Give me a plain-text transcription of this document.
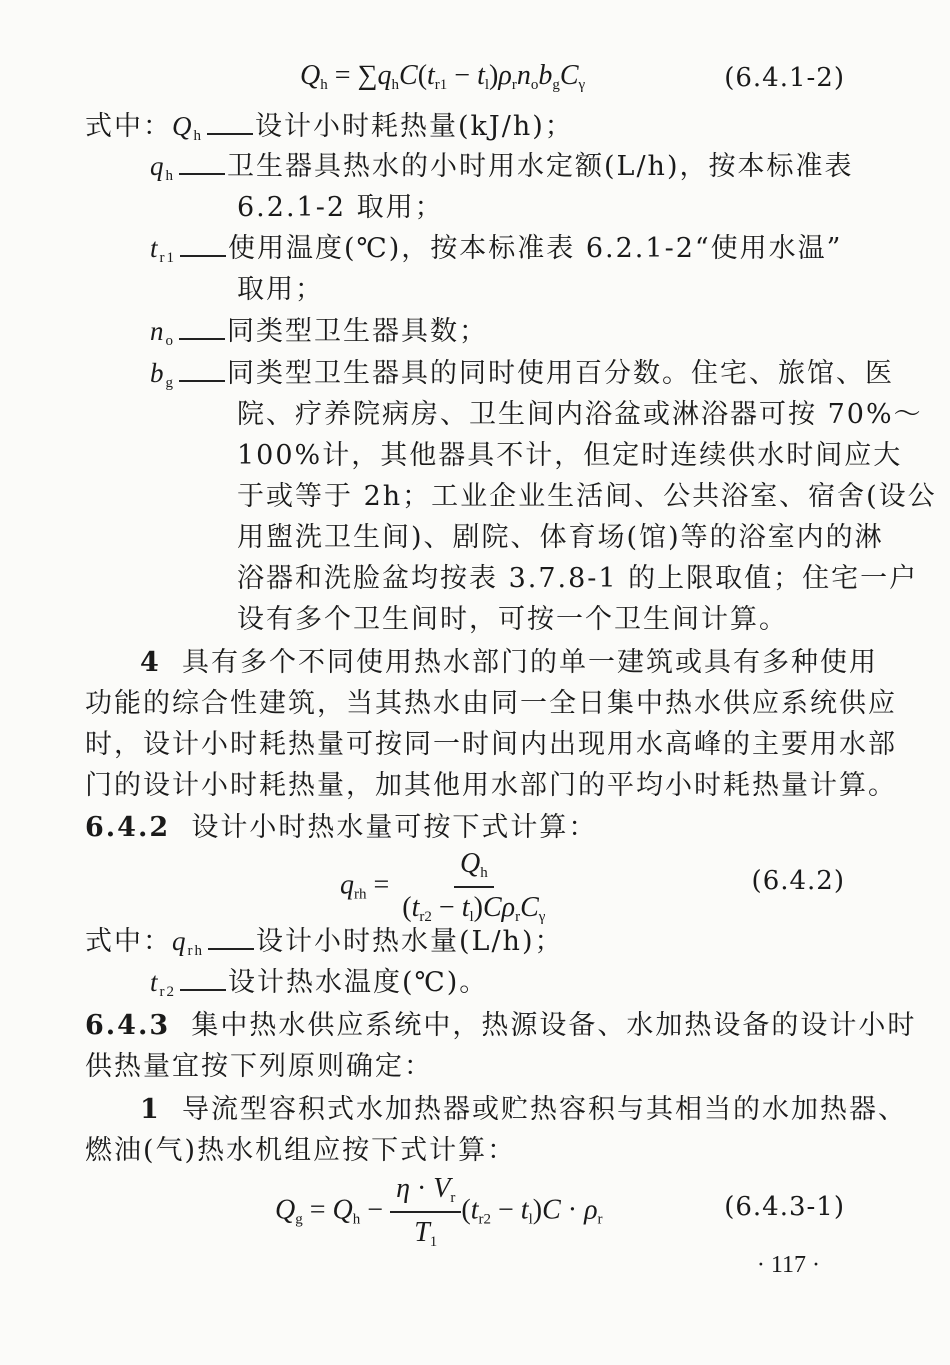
$Q_h = \sum q_hC(t_{r1} - t_l)\rho_rn_ob_gC_\gamma$	(6.4.1-2)
式中： $Q_h$ 设计小时耗热量(kJ/h)；
$q_h$ 卫生器具热水的小时用水定额(L/h)，按本标准表
6.2.1-2 取用；
$t_{r1}$ 使用温度(℃)，按本标准表 6.2.1-2“使用水温”
取用；
$n_o$ 同类型卫生器具数；
$b_g$ 同类型卫生器具的同时使用百分数。住宅、旅馆、医
院、疗养院病房、卫生间内浴盆或淋浴器可按 70%～
100%计，其他器具不计，但定时连续供水时间应大
于或等于 2h；工业企业生活间、公共浴室、宿舍(设公
用盥洗卫生间)、剧院、体育场(馆)等的浴室内的淋
浴器和洗脸盆均按表 3.7.8-1 的上限取值；住宅一户
设有多个卫生间时，可按一个卫生间计算。
4 具有多个不同使用热水部门的单一建筑或具有多种使用
功能的综合性建筑，当其热水由同一全日集中热水供应系统供应
时，设计小时耗热量可按同一时间内出现用水高峰的主要用水部
门的设计小时耗热量，加其他用水部门的平均小时耗热量计算。
6.4.2 设计小时热水量可按下式计算：
$q_{rh} = \frac{Q_h}{(t_{r2} - t_l)C\rho_rC_\gamma}$	(6.4.2)
式中： $q_{rh}$ 设计小时热水量(L/h)；
$t_{r2}$ 设计热水温度(℃)。
6.4.3 集中热水供应系统中，热源设备、水加热设备的设计小时
供热量宜按下列原则确定：
1 导流型容积式水加热器或贮热容积与其相当的水加热器、
燃油(气)热水机组应按下式计算：
$Q_g = Q_h - \frac{\eta \cdot V_r}{T_1} (t_{r2} - t_l)C \cdot \rho_r$	(6.4.3-1)
· 117 ·
